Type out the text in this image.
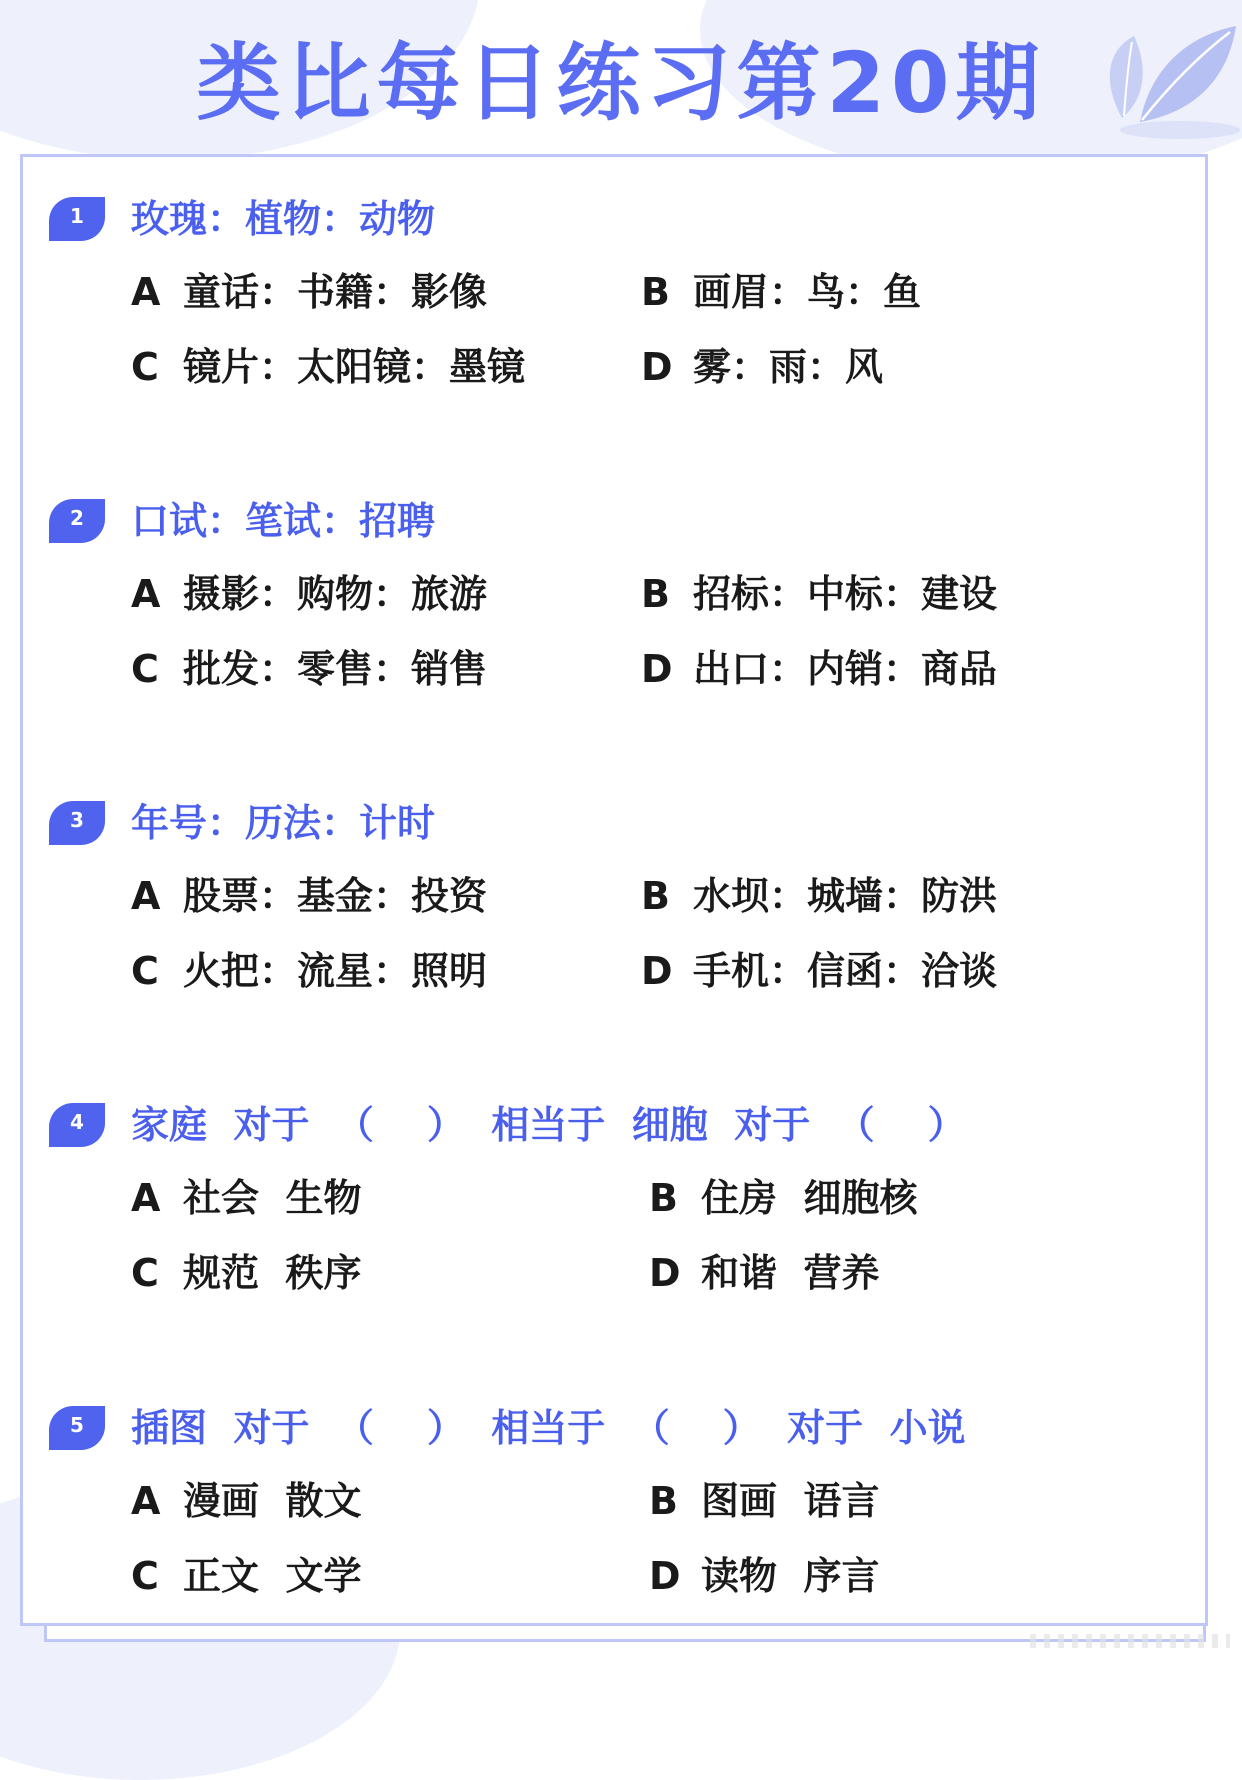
类比每日练习第20期
1	玫瑰：植物：动物
A 童话：书籍：影像	B 画眉：鸟：鱼
C 镜片：太阳镜：墨镜	D 雾：雨：风
2	口试：笔试：招聘
A 摄影：购物：旅游	B 招标：中标：建设
C 批发：零售：销售	D 出口：内销：商品
3	年号：历法：计时
A 股票：基金：投资	B 水坝：城墙：防洪
C 火把：流星：照明	D 手机：信函：洽谈
4	家庭  对于  （    ）  相当于  细胞  对于  （    ）
A 社会  生物	B 住房  细胞核
C 规范  秩序	D 和谐  营养
5	插图  对于  （    ）  相当于  （    ）  对于  小说
A 漫画  散文	B 图画  语言
C 正文  文学	D 读物  序言
